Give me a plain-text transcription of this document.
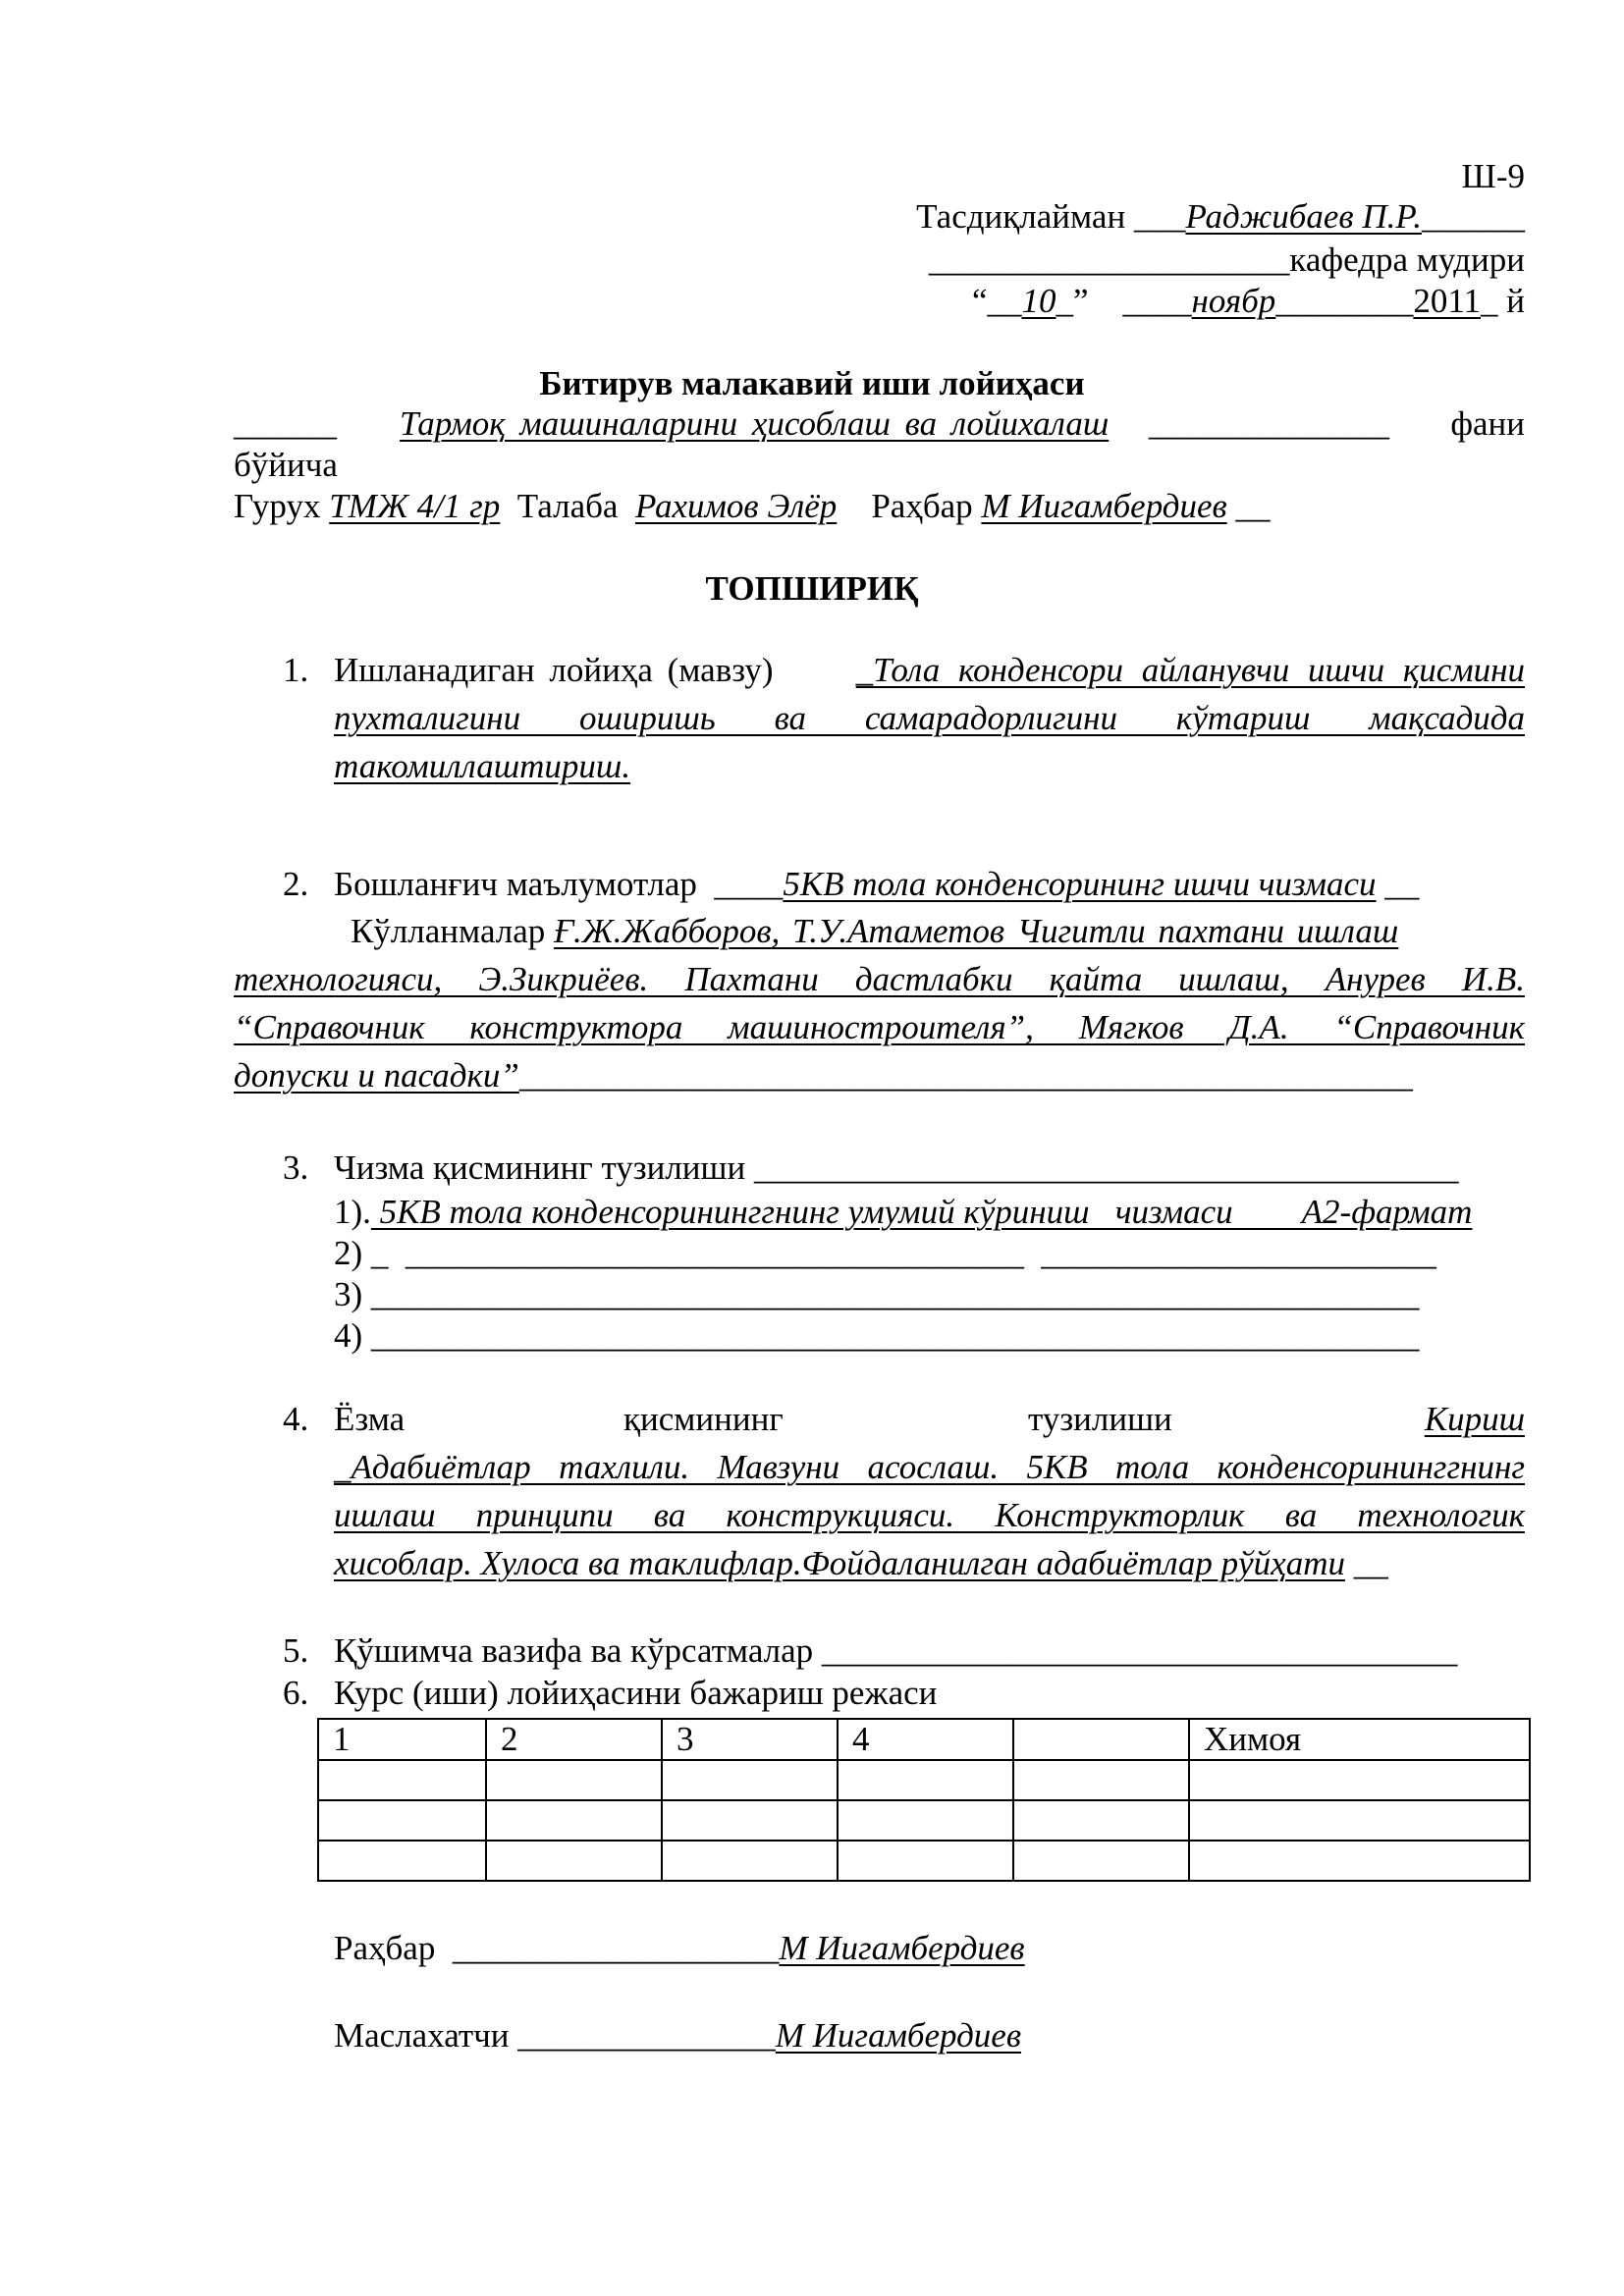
Ш-9
Тасдиқлайман ___Раджибаев П.Р.______
_____________________кафедра мудири
“__10_” ____ноябр________2011_ й
Битирув малакавий иши лойиҳаси
______ Тармоқ машиналарини ҳисоблаш ва лойихалаш ______________ фани
бўйича
Гурух ТМЖ 4/1 гр Талаба Рахимов Элёр Раҳбар М Иигамбердиев __
ТОПШИРИҚ
1. Ишланадиган лойиҳа (мавзу) _Тола конденсори айланувчи ишчи қисмини
пухталигини оширишь ва самарадорлигини кўтариш мақсадида
такомиллаштириш.
2. Бошланғич маълумотлар ____5КВ тола конденсорининг ишчи чизмаси __
Кўлланмалар Ғ.Ж.Жабборов, Т.У.Атаметов Чигитли пахтани ишлаш
технологияси, Э.Зикриёев. Пахтани дастлабки қайта ишлаш, Анурев И.В.
“Справочник конструктора машиностроителя”, Мягков Д.А. “Справочник
допуски и пасадки”____________________________________________________
3. Чизма қисмининг тузилиши _________________________________________
1). 5КВ тола конденсорининггнинг умумий кўриниш   чизмаси        А2-фармат
2) _  ____________________________________  _______________________
3) _____________________________________________________________
4) _____________________________________________________________
4. Ёзма	қисмининг	тузилиши	Кириш
_Адабиётлар тахлили. Мавзуни асослаш. 5КВ тола конденсорининггнинг
ишлаш принципи ва конструкцияси. Конструкторлик ва технологик
хисоблар. Хулоса ва таклифлар.Фойдаланилган адабиётлар рўйҳати __
5. Қўшимча вазифа ва кўрсатмалар _____________________________________
6. Курс (иши) лойиҳасини бажариш режаси
1	2	3	4		Химоя

Раҳбар ___________________М Иигамбердиев
Маслахатчи _______________М Иигамбердиев
